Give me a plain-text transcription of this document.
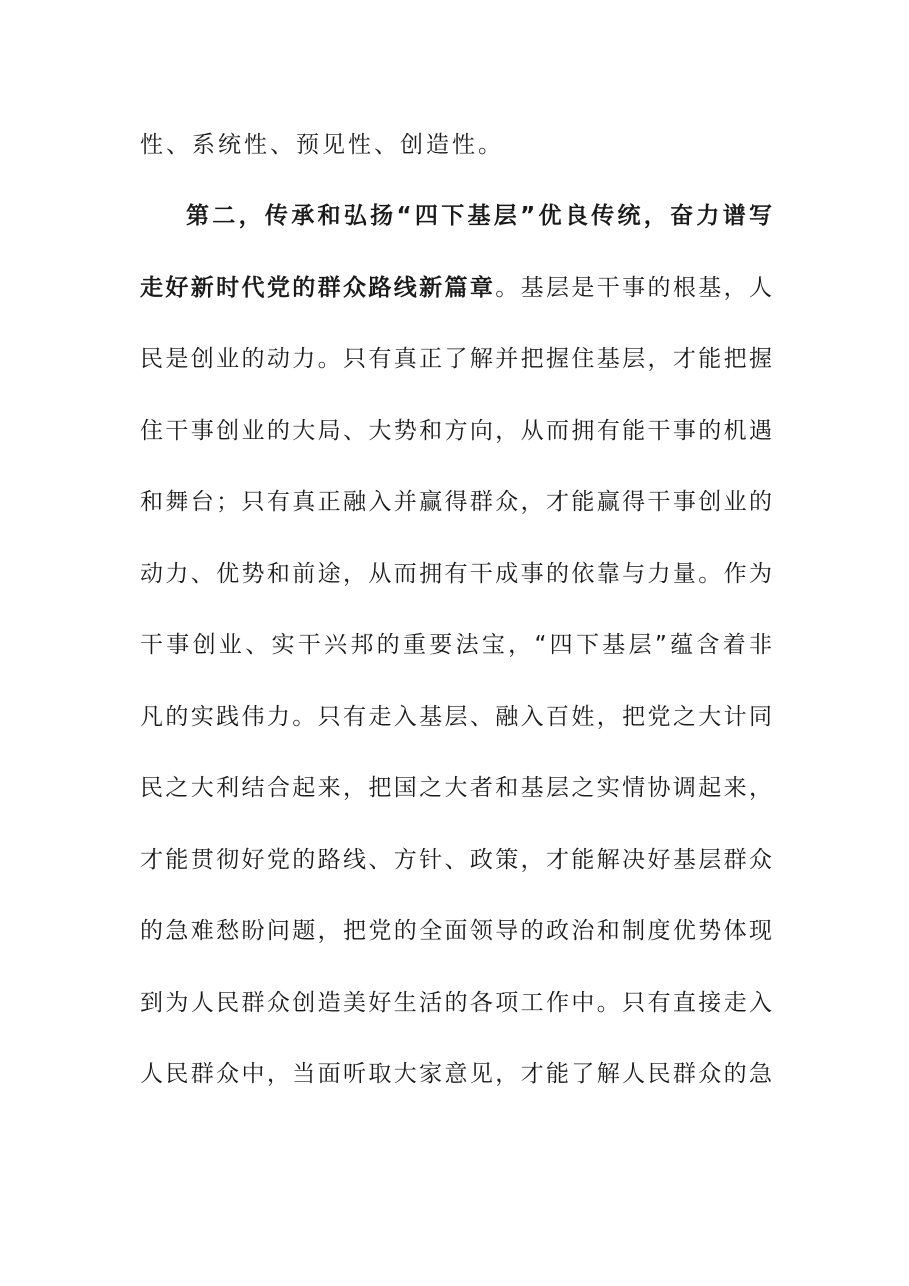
性、系统性、预见性、创造性。
第二，传承和弘扬“四下基层”优良传统，奋力谱写
走好新时代党的群众路线新篇章。基层是干事的根基，人
民是创业的动力。只有真正了解并把握住基层，才能把握
住干事创业的大局、大势和方向，从而拥有能干事的机遇
和舞台；只有真正融入并赢得群众，才能赢得干事创业的
动力、优势和前途，从而拥有干成事的依靠与力量。作为
干事创业、实干兴邦的重要法宝，“四下基层”蕴含着非
凡的实践伟力。只有走入基层、融入百姓，把党之大计同
民之大利结合起来，把国之大者和基层之实情协调起来，
才能贯彻好党的路线、方针、政策，才能解决好基层群众
的急难愁盼问题，把党的全面领导的政治和制度优势体现
到为人民群众创造美好生活的各项工作中。只有直接走入
人民群众中，当面听取大家意见，才能了解人民群众的急
